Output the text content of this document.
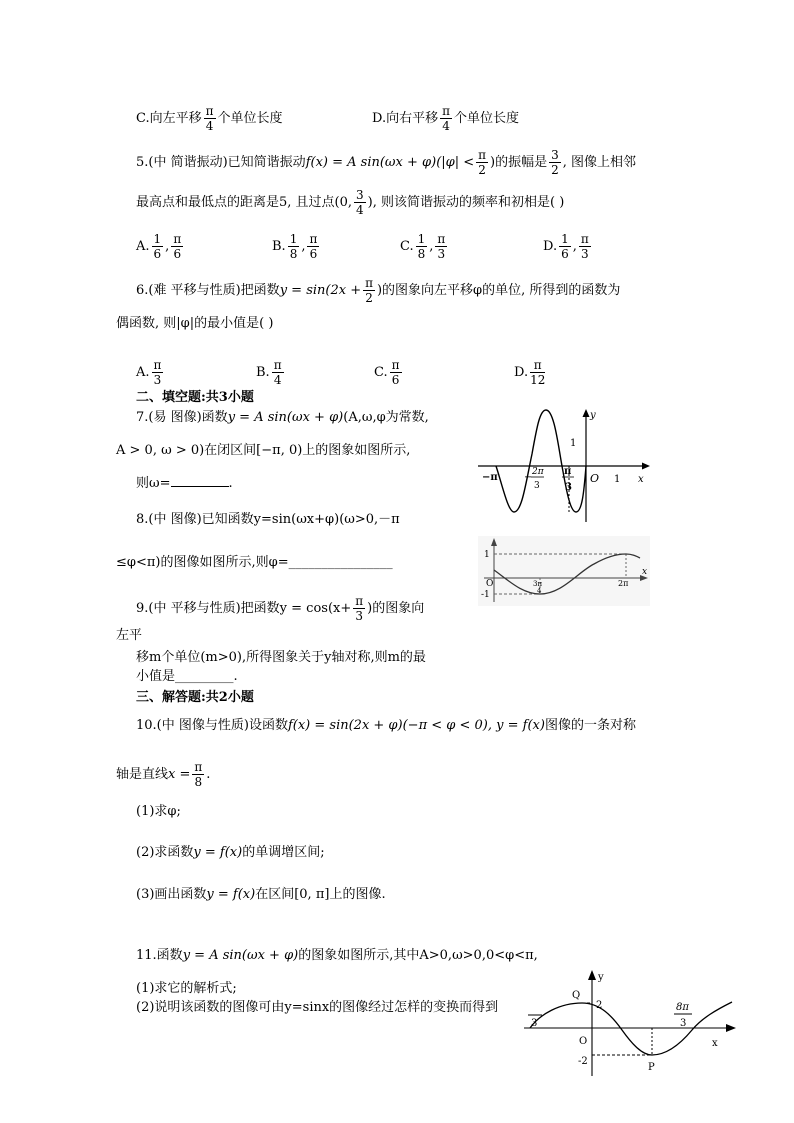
C.向左平移 $\frac{\pi}{4}$ 个单位长度	D.向右平移 $\frac{\pi}{4}$ 个单位长度
5.(中 简谐振动)已知简谐振动f(x) = A $\sin(\omega x + \varphi)(|\varphi| < \frac{\pi}{2}$ )的振幅是 $\frac{3}{2}$ , 图像上相邻
最高点和最低点的距离是5, 且过点(0, $\frac{3}{4}$ ), 则该简谐振动的频率和初相是( )
A. $\frac{1}{6}$ , $\frac{\pi}{6}$	B. $\frac{1}{8}$ , $\frac{\pi}{6}$	C. $\frac{1}{8}$ , $\frac{\pi}{3}$	D. $\frac{1}{6}$ , $\frac{\pi}{3}$
6.(难 平移与性质)把函数$y = \sin(2x + \frac{\pi}{2}$ )的图象向左平移φ的单位, 所得到的函数为
偶函数, 则|φ|的最小值是( )
A. $\frac{\pi}{3}$	B. $\frac{\pi}{4}$	C. $\frac{\pi}{6}$	D. $\frac{\pi}{12}$
二、填空题:共3小题
7.(易 图像)函数y = A sin(ωx + φ)(A,ω,φ为常数,
A > 0, ω > 0)在闭区间[−π, 0)上的图象如图所示,
则ω=	.
8.(中 图像)已知函数y=sin(ωx+φ)(ω>0,－π
≤φ<π)的图像如图所示,则φ=________________
9.(中 平移与性质)把函数$y = \cos(x+ \frac{\pi}{3}$ )的图象向
左平
移m个单位(m>0),所得图象关于y轴对称,则m的最
小值是_________.
三、解答题:共2小题
10.(中 图像与性质)设函数f(x) = sin(2x + φ)(−π < φ < 0), y = f(x)图像的一条对称
轴是直线$x = \frac{\pi}{8}$ .
(1)求φ;
(2)求函数y = f(x)的单调增区间;
(3)画出函数y = f(x)在区间[0, π]上的图像.
11.函数y = A sin(ωx + φ)的图象如图所示,其中A>0,ω>0,0<φ<π,
(1)求它的解析式;
(2)说明该函数的图像可由y=sinx的图像经过怎样的变换而得到
y
1
x
−π	2π
3
−
π
3
O 1
1
-1
O	3π
4
2π
x
y
Q
2
-2
O
P
x
3
8π
3
